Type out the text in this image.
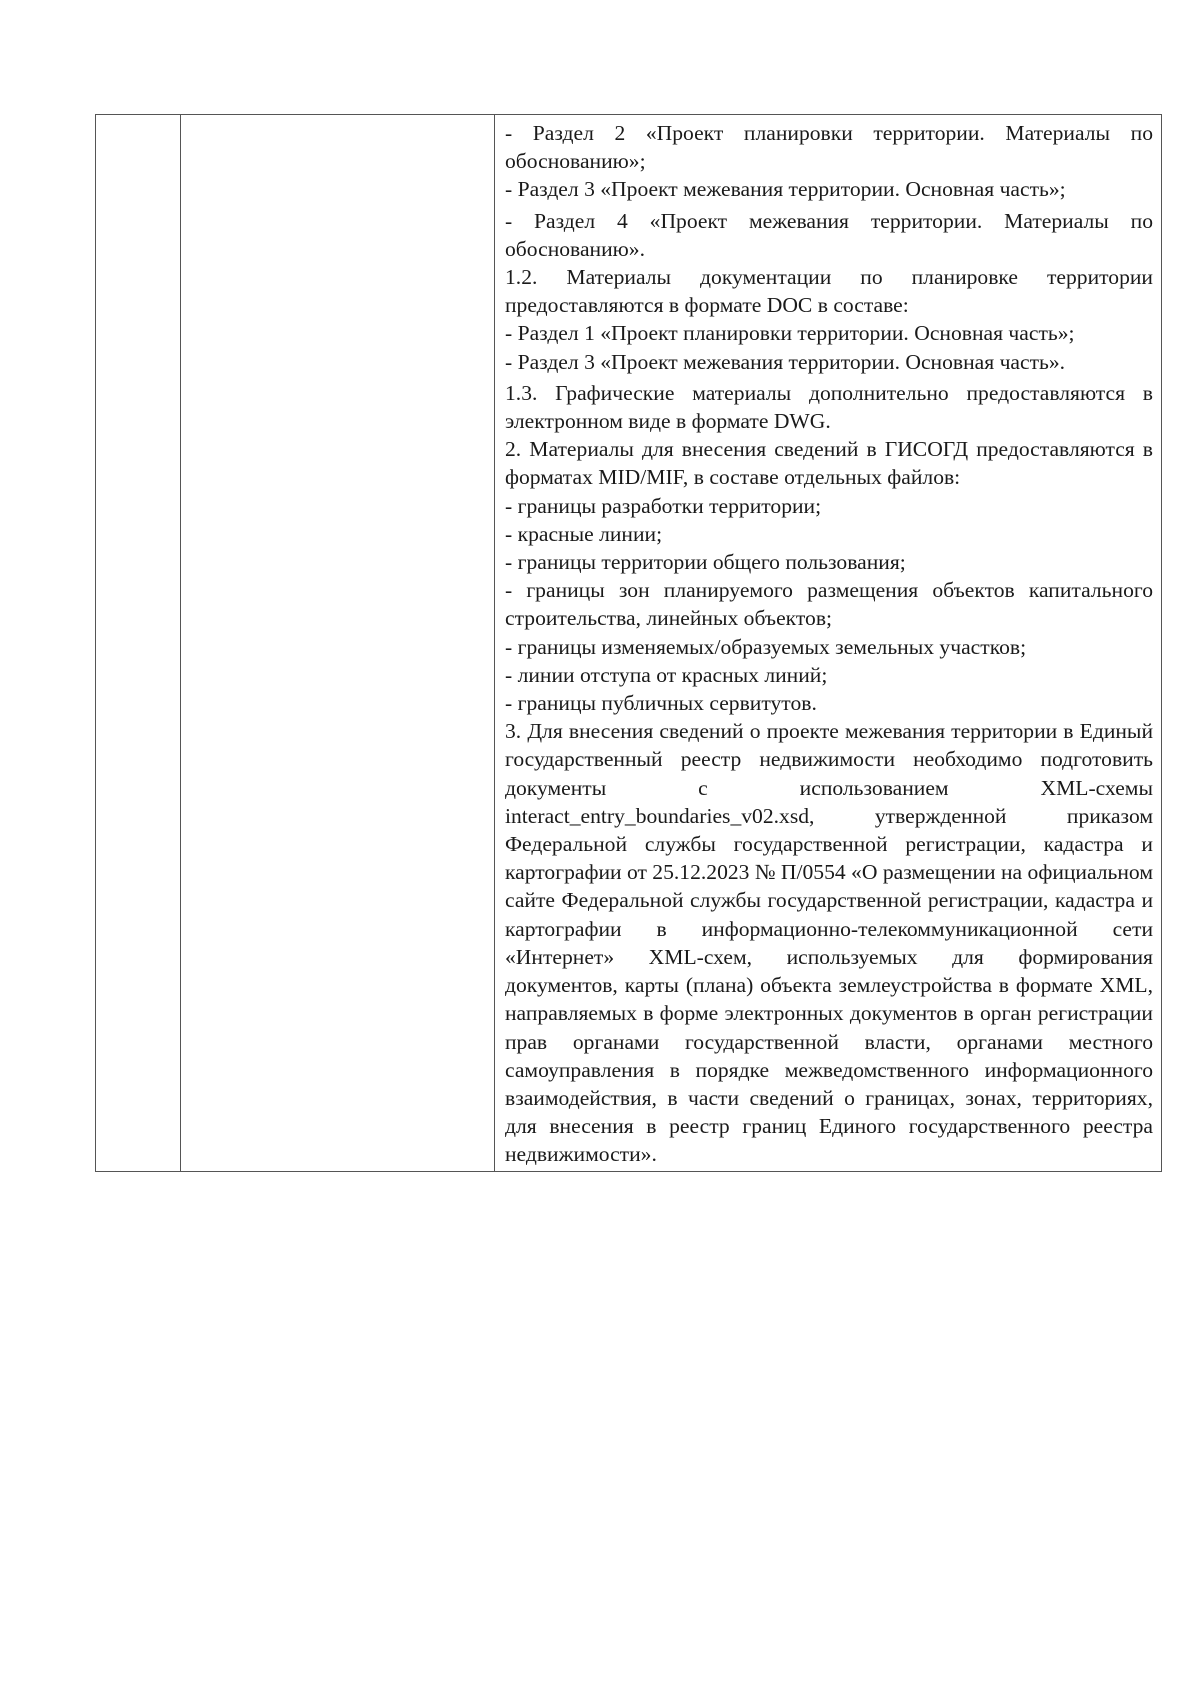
- Раздел 2 «Проект планировки территории. Материалы по обоснованию»;

- Раздел 3 «Проект межевания территории. Основная часть»;

- Раздел 4 «Проект межевания территории. Материалы по обоснованию».

1.2. Материалы документации по планировке территории предоставляются в формате DOC в составе:

- Раздел 1 «Проект планировки территории. Основная часть»;

- Раздел 3 «Проект межевания территории. Основная часть».

1.3. Графические материалы дополнительно предоставляются в электронном виде в формате DWG.

2. Материалы для внесения сведений в ГИСОГД предоставляются в форматах MID/MIF, в составе отдельных файлов:

- границы разработки территории;

- красные линии;

- границы территории общего пользования;

- границы зон планируемого размещения объектов капитального строительства, линейных объектов;

- границы изменяемых/образуемых земельных участков;

- линии отступа от красных линий;

- границы публичных сервитутов.

3. Для внесения сведений о проекте межевания территории в Единый государственный реестр недвижимости необходимо подготовить документы с использованием XML-схемы interact_entry_boundaries_v02.xsd, утвержденной приказом Федеральной службы государственной регистрации, кадастра и картографии от 25.12.2023 № П/0554 «О размещении на официальном сайте Федеральной службы государственной регистрации, кадастра и картографии в информационно-телекоммуникационной сети «Интернет» XML-схем, используемых для формирования документов, карты (плана) объекта землеустройства в формате XML, направляемых в форме электронных документов в орган регистрации прав органами государственной власти, органами местного самоуправления в порядке межведомственного информационного взаимодействия, в части сведений о границах, зонах, территориях, для внесения в реестр границ Единого государственного реестра недвижимости».
